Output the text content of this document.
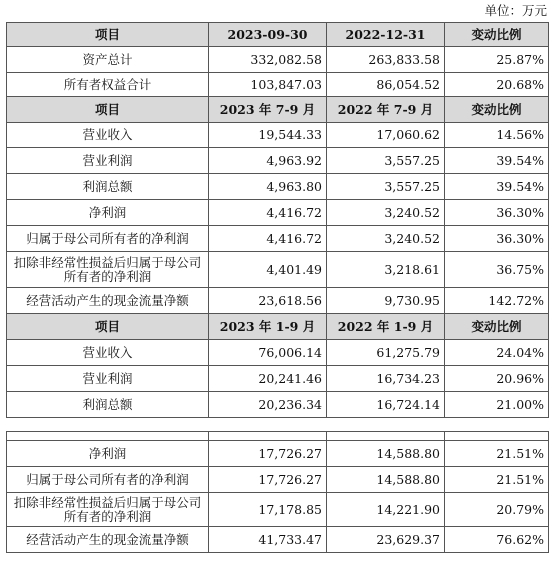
单位：万元
项目	2023-09-30	2022-12-31	变动比例
资产总计	332,082.58	263,833.58	25.87%
所有者权益合计	103,847.03	86,054.52	20.68%
项目	2023 年 7-9 月	2022 年 7-9 月	变动比例
营业收入	19,544.33	17,060.62	14.56%
营业利润	4,963.92	3,557.25	39.54%
利润总额	4,963.80	3,557.25	39.54%
净利润	4,416.72	3,240.52	36.30%
归属于母公司所有者的净利润	4,416.72	3,240.52	36.30%
扣除非经常性损益后归属于母公司所有者的净利润	4,401.49	3,218.61	36.75%
经营活动产生的现金流量净额	23,618.56	9,730.95	142.72%
项目	2023 年 1-9 月	2022 年 1-9 月	变动比例
营业收入	76,006.14	61,275.79	24.04%
营业利润	20,241.46	16,734.23	20.96%
利润总额	20,236.34	16,724.14	21.00%

净利润	17,726.27	14,588.80	21.51%
归属于母公司所有者的净利润	17,726.27	14,588.80	21.51%
扣除非经常性损益后归属于母公司所有者的净利润	17,178.85	14,221.90	20.79%
经营活动产生的现金流量净额	41,733.47	23,629.37	76.62%
